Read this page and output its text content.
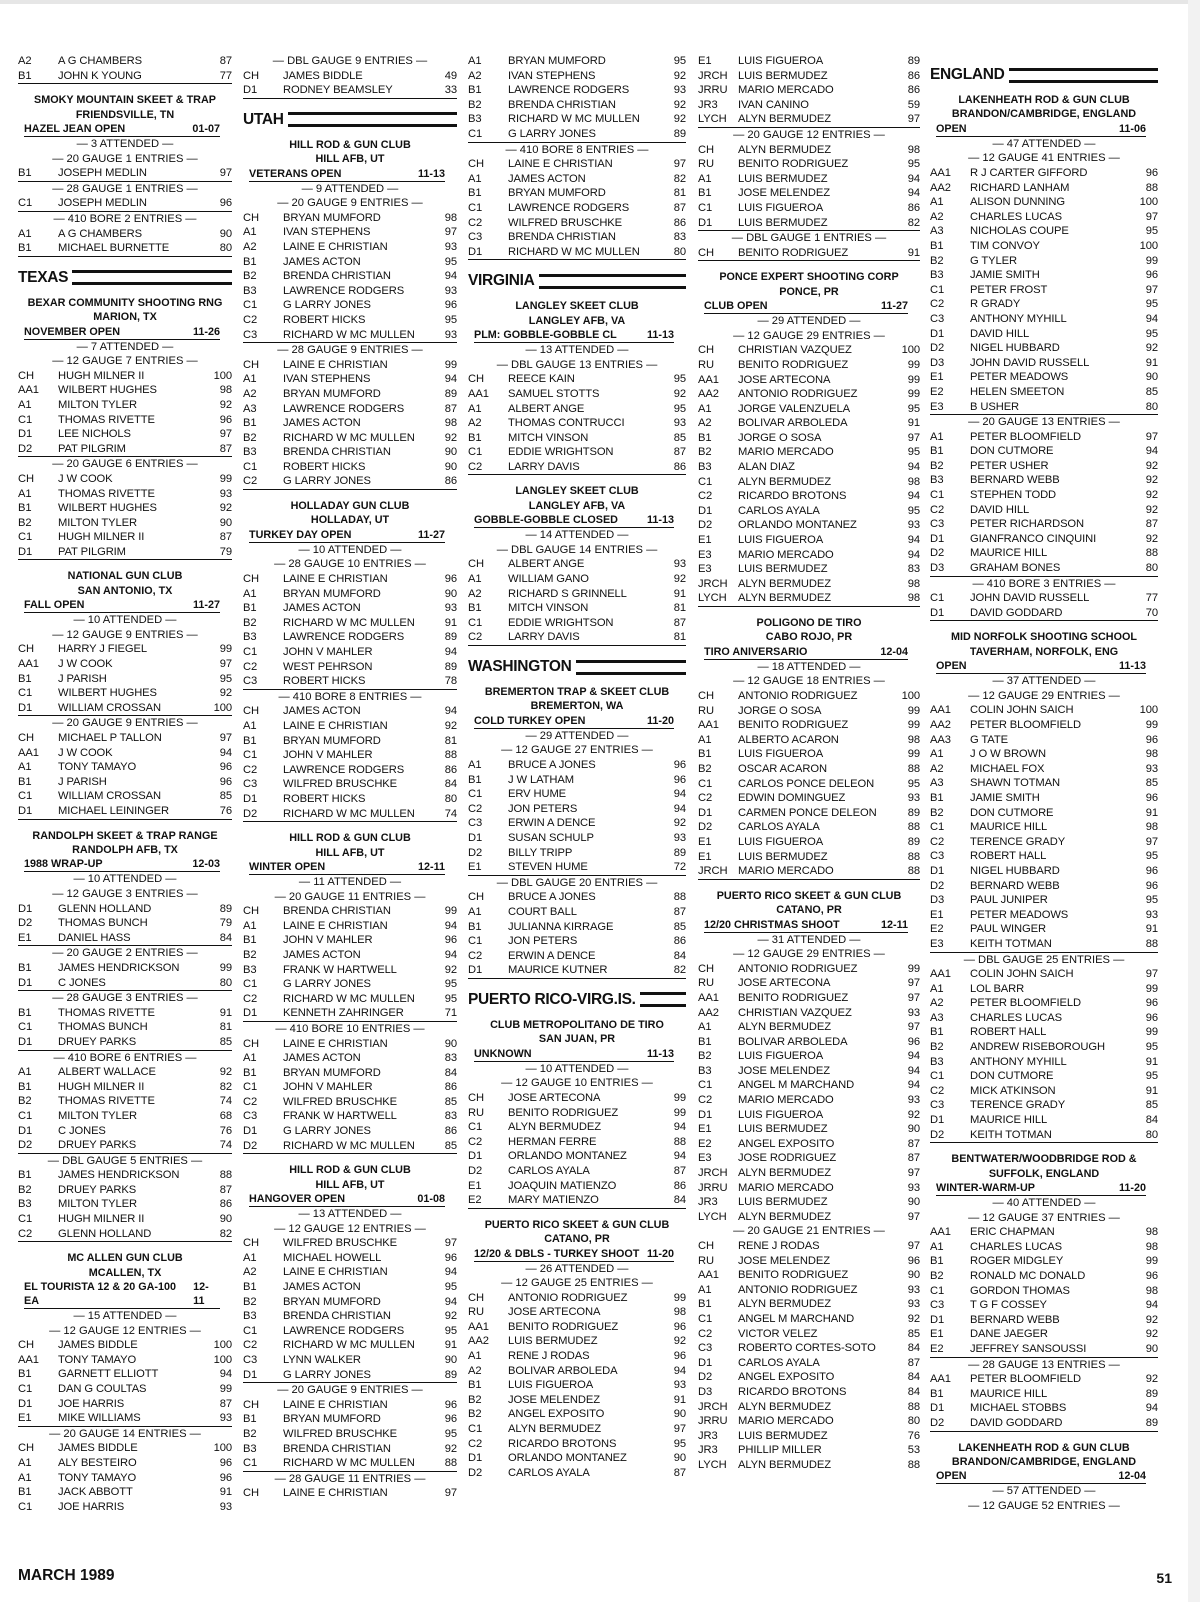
A2	A G CHAMBERS	87
B1	JOHN K YOUNG	77
SMOKY MOUNTAIN SKEET & TRAP
FRIENDSVILLE, TN
HAZEL JEAN OPEN	01-07
— 3 ATTENDED —
— 20 GAUGE 1 ENTRIES —
B1	JOSEPH MEDLIN	97
— 28 GAUGE 1 ENTRIES —
C1	JOSEPH MEDLIN	96
— 410 BORE 2 ENTRIES —
A1	A G CHAMBERS	90
B1	MICHAEL BURNETTE	80
TEXAS
BEXAR COMMUNITY SHOOTING RNG
MARION, TX
NOVEMBER OPEN	11-26
— 7 ATTENDED —
— 12 GAUGE 7 ENTRIES —
CH	HUGH MILNER II	100
AA1	WILBERT HUGHES	98
A1	MILTON TYLER	92
C1	THOMAS RIVETTE	96
D1	LEE NICHOLS	97
D2	PAT PILGRIM	87
— 20 GAUGE 6 ENTRIES —
CH	J W COOK	99
A1	THOMAS RIVETTE	93
B1	WILBERT HUGHES	92
B2	MILTON TYLER	90
C1	HUGH MILNER II	87
D1	PAT PILGRIM	79
NATIONAL GUN CLUB
SAN ANTONIO, TX
FALL OPEN	11-27
— 10 ATTENDED —
— 12 GAUGE 9 ENTRIES —
CH	HARRY J FIEGEL	99
AA1	J W COOK	97
B1	J PARISH	95
C1	WILBERT HUGHES	92
D1	WILLIAM CROSSAN	100
— 20 GAUGE 9 ENTRIES —
CH	MICHAEL P TALLON	97
AA1	J W COOK	94
A1	TONY TAMAYO	96
B1	J PARISH	96
C1	WILLIAM CROSSAN	85
D1	MICHAEL LEININGER	76
RANDOLPH SKEET & TRAP RANGE
RANDOLPH AFB, TX
1988 WRAP-UP	12-03
— 10 ATTENDED —
— 12 GAUGE 3 ENTRIES —
D1	GLENN HOLLAND	89
D2	THOMAS BUNCH	79
E1	DANIEL HASS	84
— 20 GAUGE 2 ENTRIES —
B1	JAMES HENDRICKSON	99
D1	C JONES	80
— 28 GAUGE 3 ENTRIES —
B1	THOMAS RIVETTE	91
C1	THOMAS BUNCH	81
D1	DRUEY PARKS	85
— 410 BORE 6 ENTRIES —
A1	ALBERT WALLACE	92
B1	HUGH MILNER II	82
B2	THOMAS RIVETTE	74
C1	MILTON TYLER	68
D1	C JONES	76
D2	DRUEY PARKS	74
— DBL GAUGE 5 ENTRIES —
B1	JAMES HENDRICKSON	88
B2	DRUEY PARKS	87
B3	MILTON TYLER	86
C1	HUGH MILNER II	90
C2	GLENN HOLLAND	82
MC ALLEN GUN CLUB
MCALLEN, TX
EL TOURISTA 12 & 20 GA-100 EA
12-11
— 15 ATTENDED —
— 12 GAUGE 12 ENTRIES —
CH	JAMES BIDDLE	100
AA1	TONY TAMAYO	100
B1	GARNETT ELLIOTT	94
C1	DAN G COULTAS	99
D1	JOE HARRIS	87
E1	MIKE WILLIAMS	93
— 20 GAUGE 14 ENTRIES —
CH	JAMES BIDDLE	100
A1	ALY BESTEIRO	96
A1	TONY TAMAYO	96
B1	JACK ABBOTT	91
C1	JOE HARRIS	93
— DBL GAUGE 9 ENTRIES —
CH	JAMES BIDDLE	49
D1	RODNEY BEAMSLEY	33
UTAH
HILL ROD & GUN CLUB
HILL AFB, UT
VETERANS OPEN	11-13
— 9 ATTENDED —
— 20 GAUGE 9 ENTRIES —
CH	BRYAN MUMFORD	98
A1	IVAN STEPHENS	97
A2	LAINE E CHRISTIAN	93
B1	JAMES ACTON	95
B2	BRENDA CHRISTIAN	94
B3	LAWRENCE RODGERS	93
C1	G LARRY JONES	96
C2	ROBERT HICKS	95
C3	RICHARD W MC MULLEN	93
— 28 GAUGE 9 ENTRIES —
CH	LAINE E CHRISTIAN	99
A1	IVAN STEPHENS	94
A2	BRYAN MUMFORD	89
A3	LAWRENCE RODGERS	87
B1	JAMES ACTON	98
B2	RICHARD W MC MULLEN	92
B3	BRENDA CHRISTIAN	90
C1	ROBERT HICKS	90
C2	G LARRY JONES	86
HOLLADAY GUN CLUB
HOLLADAY, UT
TURKEY DAY OPEN	11-27
— 10 ATTENDED —
— 28 GAUGE 10 ENTRIES —
CH	LAINE E CHRISTIAN	96
A1	BRYAN MUMFORD	90
B1	JAMES ACTON	93
B2	RICHARD W MC MULLEN	91
B3	LAWRENCE RODGERS	89
C1	JOHN V MAHLER	94
C2	WEST PEHRSON	89
C3	ROBERT HICKS	78
— 410 BORE 8 ENTRIES —
CH	JAMES ACTON	94
A1	LAINE E CHRISTIAN	92
B1	BRYAN MUMFORD	81
C1	JOHN V MAHLER	88
C2	LAWRENCE RODGERS	86
C3	WILFRED BRUSCHKE	84
D1	ROBERT HICKS	80
D2	RICHARD W MC MULLEN	74
HILL ROD & GUN CLUB
HILL AFB, UT
WINTER OPEN	12-11
— 11 ATTENDED —
— 20 GAUGE 11 ENTRIES —
CH	BRENDA CHRISTIAN	99
A1	LAINE E CHRISTIAN	94
B1	JOHN V MAHLER	96
B2	JAMES ACTON	94
B3	FRANK W HARTWELL	92
C1	G LARRY JONES	95
C2	RICHARD W MC MULLEN	95
D1	KENNETH ZAHRINGER	71
— 410 BORE 10 ENTRIES —
CH	LAINE E CHRISTIAN	90
A1	JAMES ACTON	83
B1	BRYAN MUMFORD	84
C1	JOHN V MAHLER	86
C2	WILFRED BRUSCHKE	85
C3	FRANK W HARTWELL	83
D1	G LARRY JONES	86
D2	RICHARD W MC MULLEN	85
HILL ROD & GUN CLUB
HILL AFB, UT
HANGOVER OPEN	01-08
— 13 ATTENDED —
— 12 GAUGE 12 ENTRIES —
CH	WILFRED BRUSCHKE	97
A1	MICHAEL HOWELL	96
A2	LAINE E CHRISTIAN	94
B1	JAMES ACTON	95
B2	BRYAN MUMFORD	94
B3	BRENDA CHRISTIAN	92
C1	LAWRENCE RODGERS	95
C2	RICHARD W MC MULLEN	91
C3	LYNN WALKER	90
D1	G LARRY JONES	89
— 20 GAUGE 9 ENTRIES —
CH	LAINE E CHRISTIAN	96
B1	BRYAN MUMFORD	96
B2	WILFRED BRUSCHKE	95
B3	BRENDA CHRISTIAN	92
C1	RICHARD W MC MULLEN	88
— 28 GAUGE 11 ENTRIES —
CH	LAINE E CHRISTIAN	97
A1	BRYAN MUMFORD	95
A2	IVAN STEPHENS	92
B1	LAWRENCE RODGERS	93
B2	BRENDA CHRISTIAN	92
B3	RICHARD W MC MULLEN	92
C1	G LARRY JONES	89
— 410 BORE 8 ENTRIES —
CH	LAINE E CHRISTIAN	97
A1	JAMES ACTON	82
B1	BRYAN MUMFORD	81
C1	LAWRENCE RODGERS	87
C2	WILFRED BRUSCHKE	86
C3	BRENDA CHRISTIAN	83
D1	RICHARD W MC MULLEN	80
VIRGINIA
LANGLEY SKEET CLUB
LANGLEY AFB, VA
PLM: GOBBLE-GOBBLE CL	11-13
— 13 ATTENDED —
— DBL GAUGE 13 ENTRIES —
CH	REECE KAIN	95
AA1	SAMUEL STOTTS	92
A1	ALBERT ANGE	95
A2	THOMAS CONTRUCCI	93
B1	MITCH VINSON	85
C1	EDDIE WRIGHTSON	87
C2	LARRY DAVIS	86
LANGLEY SKEET CLUB
LANGLEY AFB, VA
GOBBLE-GOBBLE CLOSED	11-13
— 14 ATTENDED —
— DBL GAUGE 14 ENTRIES —
CH	ALBERT ANGE	93
A1	WILLIAM GANO	92
A2	RICHARD S GRINNELL	91
B1	MITCH VINSON	81
C1	EDDIE WRIGHTSON	87
C2	LARRY DAVIS	81
WASHINGTON
BREMERTON TRAP & SKEET CLUB
BREMERTON, WA
COLD TURKEY OPEN	11-20
— 29 ATTENDED —
— 12 GAUGE 27 ENTRIES —
A1	BRUCE A JONES	96
B1	J W LATHAM	96
C1	ERV HUME	94
C2	JON PETERS	94
C3	ERWIN A DENCE	92
D1	SUSAN SCHULP	93
D2	BILLY TRIPP	89
E1	STEVEN HUME	72
— DBL GAUGE 20 ENTRIES —
CH	BRUCE A JONES	88
A1	COURT BALL	87
B1	JULIANNA KIRRAGE	85
C1	JON PETERS	86
C2	ERWIN A DENCE	84
D1	MAURICE KUTNER	82
PUERTO RICO-VIRG.IS.
CLUB METROPOLITANO DE TIRO
SAN JUAN, PR
UNKNOWN	11-13
— 10 ATTENDED —
— 12 GAUGE 10 ENTRIES —
CH	JOSE ARTECONA	99
RU	BENITO RODRIGUEZ	99
C1	ALYN BERMUDEZ	94
C2	HERMAN FERRE	88
D1	ORLANDO MONTANEZ	94
D2	CARLOS AYALA	87
E1	JOAQUIN MATIENZO	86
E2	MARY MATIENZO	84
PUERTO RICO SKEET & GUN CLUB
CATANO, PR
12/20 & DBLS - TURKEY SHOOT 11-20
— 26 ATTENDED —
— 12 GAUGE 25 ENTRIES —
CH	ANTONIO RODRIGUEZ	99
RU	JOSE ARTECONA	98
AA1	BENITO RODRIGUEZ	96
AA2	LUIS BERMUDEZ	92
A1	RENE J RODAS	96
A2	BOLIVAR ARBOLEDA	94
B1	LUIS FIGUEROA	93
B2	JOSE MELENDEZ	91
B2	ANGEL EXPOSITO	90
C1	ALYN BERMUDEZ	97
C2	RICARDO BROTONS	95
D1	ORLANDO MONTANEZ	90
D2	CARLOS AYALA	87
E1	LUIS FIGUEROA	89
JRCH LUIS BERMUDEZ	86
JRRU MARIO MERCADO	86
JR3	IVAN CANINO	59
LYCH	ALYN BERMUDEZ	97
— 20 GAUGE 12 ENTRIES —
CH	ALYN BERMUDEZ	98
RU	BENITO RODRIGUEZ	95
A1	LUIS BERMUDEZ	94
B1	JOSE MELENDEZ	94
C1	LUIS FIGUEROA	86
D1	LUIS BERMUDEZ	82
— DBL GAUGE 1 ENTRIES —
CH	BENITO RODRIGUEZ	91
PONCE EXPERT SHOOTING CORP
PONCE, PR
CLUB OPEN	11-27
— 29 ATTENDED —
— 12 GAUGE 29 ENTRIES —
CH	CHRISTIAN VAZQUEZ	100
RU	BENITO RODRIGUEZ	99
AA1	JOSE ARTECONA	99
AA2	ANTONIO RODRIGUEZ	99
A1	JORGE VALENZUELA	95
A2	BOLIVAR ARBOLEDA	91
B1	JORGE O SOSA	97
B2	MARIO MERCADO	95
B3	ALAN DIAZ	94
C1	ALYN BERMUDEZ	98
C2	RICARDO BROTONS	94
D1	CARLOS AYALA	95
D2	ORLANDO MONTANEZ	93
E1	LUIS FIGUEROA	94
E3	MARIO MERCADO	94
E3	LUIS BERMUDEZ	83
JRCH ALYN BERMUDEZ	98
LYCH	ALYN BERMUDEZ	98
POLIGONO DE TIRO
CABO ROJO, PR
TIRO ANIVERSARIO	12-04
— 18 ATTENDED —
— 12 GAUGE 18 ENTRIES —
CH	ANTONIO RODRIGUEZ	100
RU	JORGE O SOSA	99
AA1	BENITO RODRIGUEZ	99
A1	ALBERTO ACARON	98
B1	LUIS FIGUEROA	99
B2	OSCAR ACARON	88
C1	CARLOS PONCE DELEON	95
C2	EDWIN DOMINGUEZ	93
D1	CARMEN PONCE DELEON	89
D2	CARLOS AYALA	88
E1	LUIS FIGUEROA	89
E1	LUIS BERMUDEZ	88
JRCH MARIO MERCADO	88
PUERTO RICO SKEET & GUN CLUB
CATANO, PR
12/20 CHRISTMAS SHOOT	12-11
— 31 ATTENDED —
— 12 GAUGE 29 ENTRIES —
CH	ANTONIO RODRIGUEZ	99
RU	JOSE ARTECONA	97
AA1	BENITO RODRIGUEZ	97
AA2	CHRISTIAN VAZQUEZ	93
A1	ALYN BERMUDEZ	97
B1	BOLIVAR ARBOLEDA	96
B2	LUIS FIGUEROA	94
B3	JOSE MELENDEZ	94
C1	ANGEL M MARCHAND	94
C2	MARIO MERCADO	93
D1	LUIS FIGUEROA	92
E1	LUIS BERMUDEZ	90
E2	ANGEL EXPOSITO	87
E3	JOSE RODRIGUEZ	87
JRCH ALYN BERMUDEZ	97
JRRU MARIO MERCADO	93
JR3	LUIS BERMUDEZ	90
LYCH	ALYN BERMUDEZ	97
— 20 GAUGE 21 ENTRIES —
CH	RENE J RODAS	97
RU	JOSE MELENDEZ	96
AA1	BENITO RODRIGUEZ	90
A1	ANTONIO RODRIGUEZ	93
B1	ALYN BERMUDEZ	93
C1	ANGEL M MARCHAND	92
C2	VICTOR VELEZ	85
C3	ROBERTO CORTES-SOTO	84
D1	CARLOS AYALA	87
D2	ANGEL EXPOSITO	84
D3	RICARDO BROTONS	84
JRCH ALYN BERMUDEZ	88
JRRU MARIO MERCADO	80
JR3	LUIS BERMUDEZ	76
JR3	PHILLIP MILLER	53
LYCH	ALYN BERMUDEZ	88
ENGLAND
LAKENHEATH ROD & GUN CLUB
BRANDON/CAMBRIDGE, ENGLAND
OPEN	11-06
— 47 ATTENDED —
— 12 GAUGE 41 ENTRIES —
AA1	R J CARTER GIFFORD	96
AA2	RICHARD LANHAM	88
A1	ALISON DUNNING	100
A2	CHARLES LUCAS	97
A3	NICHOLAS COUPE	95
B1	TIM CONVOY	100
B2	G TYLER	99
B3	JAMIE SMITH	96
C1	PETER FROST	97
C2	R GRADY	95
C3	ANTHONY MYHILL	94
D1	DAVID HILL	95
D2	NIGEL HUBBARD	92
D3	JOHN DAVID RUSSELL	91
E1	PETER MEADOWS	90
E2	HELEN SMEETON	85
E3	B USHER	80
— 20 GAUGE 13 ENTRIES —
A1	PETER BLOOMFIELD	97
B1	DON CUTMORE	94
B2	PETER USHER	92
B3	BERNARD WEBB	92
C1	STEPHEN TODD	92
C2	DAVID HILL	92
C3	PETER RICHARDSON	87
D1	GIANFRANCO CINQUINI	92
D2	MAURICE HILL	88
D3	GRAHAM BONES	80
— 410 BORE 3 ENTRIES —
C1	JOHN DAVID RUSSELL	77
D1	DAVID GODDARD	70
MID NORFOLK SHOOTING SCHOOL
TAVERHAM, NORFOLK, ENG
OPEN	11-13
— 37 ATTENDED —
— 12 GAUGE 29 ENTRIES —
AA1	COLIN JOHN SAICH	100
AA2	PETER BLOOMFIELD	99
AA3	G TATE	96
A1	J O W BROWN	98
A2	MICHAEL FOX	93
A3	SHAWN TOTMAN	85
B1	JAMIE SMITH	96
B2	DON CUTMORE	91
C1	MAURICE HILL	98
C2	TERENCE GRADY	97
C3	ROBERT HALL	95
D1	NIGEL HUBBARD	96
D2	BERNARD WEBB	96
D3	PAUL JUNIPER	95
E1	PETER MEADOWS	93
E2	PAUL WINGER	91
E3	KEITH TOTMAN	88
— DBL GAUGE 25 ENTRIES —
AA1	COLIN JOHN SAICH	97
A1	LOL BARR	99
A2	PETER BLOOMFIELD	96
A3	CHARLES LUCAS	96
B1	ROBERT HALL	99
B2	ANDREW RISEBOROUGH	95
B3	ANTHONY MYHILL	91
C1	DON CUTMORE	95
C2	MICK ATKINSON	91
C3	TERENCE GRADY	85
D1	MAURICE HILL	84
D2	KEITH TOTMAN	80
BENTWATER/WOODBRIDGE ROD &
SUFFOLK, ENGLAND
WINTER-WARM-UP	11-20
— 40 ATTENDED —
— 12 GAUGE 37 ENTRIES —
AA1	ERIC CHAPMAN	98
A1	CHARLES LUCAS	98
B1	ROGER MIDGLEY	99
B2	RONALD MC DONALD	96
C1	GORDON THOMAS	98
C3	T G F COSSEY	94
D1	BERNARD WEBB	92
E1	DANE JAEGER	92
E2	JEFFREY SANSOUSSI	90
— 28 GAUGE 13 ENTRIES —
AA1	PETER BLOOMFIELD	92
B1	MAURICE HILL	89
D1	MICHAEL STOBBS	94
D2	DAVID GODDARD	89
LAKENHEATH ROD & GUN CLUB
BRANDON/CAMBRIDGE, ENGLAND
OPEN	12-04
— 57 ATTENDED —
— 12 GAUGE 52 ENTRIES —
MARCH 1989	51
